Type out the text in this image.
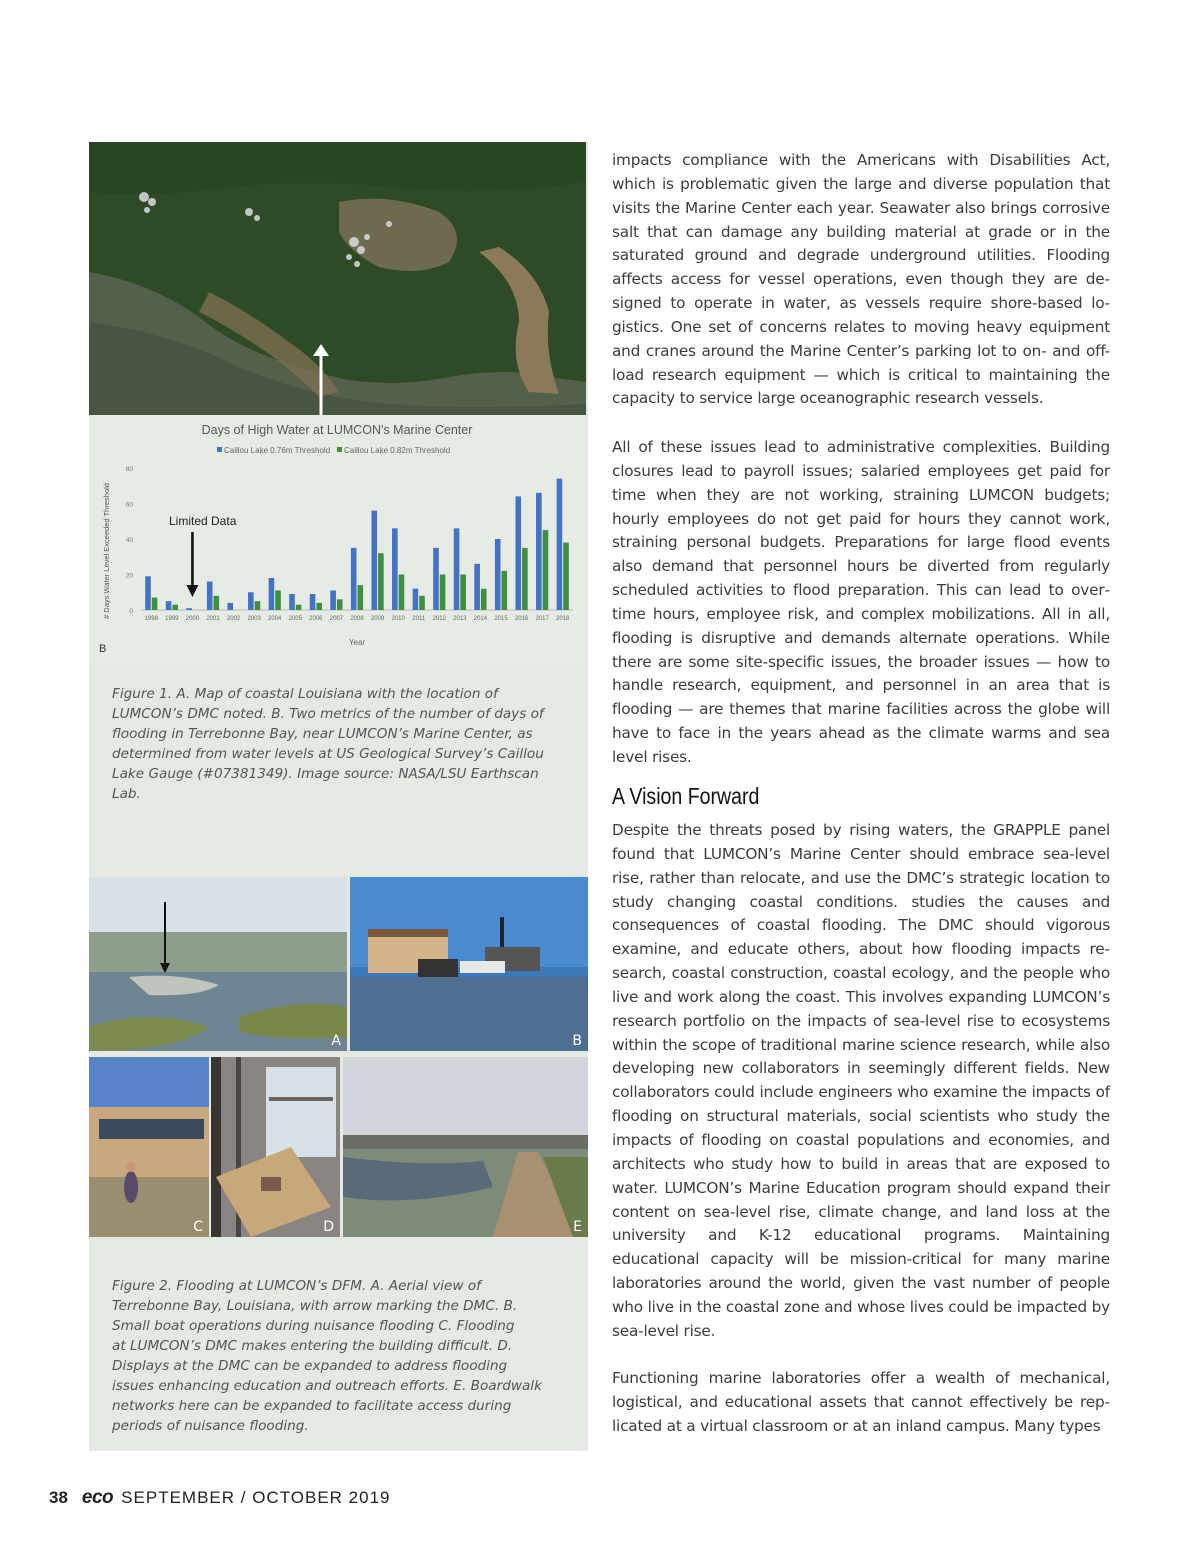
Days of High Water at LUMCON's Marine Center
Caillou Lake 0.76m Threshold Caillou Lake 0.82m Threshold
0
20
40
60
80
# Days Water Level Exceeded Threshold
1998 1999 2000 2001 2002 2003 2004 2005 2006 2007 2008 2009 2010 2011 2012 2013 2014 2015 2016 2017 2018
Year
Limited Data
B

Figure 1. A. Map of coastal Louisiana with the location of
LUMCON’s DMC noted. B. Two metrics of the number of days of
flooding in Terrebonne Bay, near LUMCON’s Marine Center, as
determined from water levels at US Geological Survey’s Caillou
Lake Gauge (#07381349). Image source: NASA/LSU Earthscan
Lab.

A	B
C	D	E

Figure 2. Flooding at LUMCON’s DFM. A. Aerial view of
Terrebonne Bay, Louisiana, with arrow marking the DMC. B.
Small boat operations during nuisance flooding C. Flooding
at LUMCON’s DMC makes entering the building difficult. D.
Displays at the DMC can be expanded to address flooding
issues enhancing education and outreach efforts. E. Boardwalk
networks here can be expanded to facilitate access during
periods of nuisance flooding.

impacts compliance with the Americans with Disabilities Act, which is problematic given the large and diverse population that visits the Marine Center each year. Seawater also brings corrosive salt that can damage any building material at grade or in the saturated ground and degrade underground utilities. Flooding affects access for vessel operations, even though they are designed to operate in water, as vessels require shore-based logistics. One set of concerns relates to moving heavy equipment and cranes around the Marine Center’s parking lot to on- and off-load research equipment — which is critical to maintaining the capacity to service large oceanographic research vessels.

All of these issues lead to administrative complexities. Building closures lead to payroll issues; salaried employees get paid for time when they are not working, straining LUMCON budgets; hourly employees do not get paid for hours they cannot work, straining personal budgets. Preparations for large flood events also demand that personnel hours be diverted from regularly scheduled activities to flood preparation. This can lead to overtime hours, employee risk, and complex mobilizations. All in all, flooding is disruptive and demands alternate operations. While there are some site-specific issues, the broader issues — how to handle research, equipment, and personnel in an area that is flooding — are themes that marine facilities across the globe will have to face in the years ahead as the climate warms and sea level rises.

A Vision Forward

Despite the threats posed by rising waters, the GRAPPLE panel found that LUMCON’s Marine Center should embrace sea-level rise, rather than relocate, and use the DMC’s strategic location to study changing coastal conditions. studies the causes and consequences of coastal flooding. The DMC should vigorous examine, and educate others, about how flooding impacts research, coastal construction, coastal ecology, and the people who live and work along the coast. This involves expanding LUMCON’s research portfolio on the impacts of sea-level rise to ecosystems within the scope of traditional marine science research, while also developing new collaborators in seemingly different fields. New collaborators could include engineers who examine the impacts of flooding on structural materials, social scientists who study the impacts of flooding on coastal populations and economies, and architects who study how to build in areas that are exposed to water. LUMCON’s Marine Education program should expand their content on sea-level rise, climate change, and land loss at the university and K-12 educational programs. Maintaining educational capacity will be mission-critical for many marine laboratories around the world, given the vast number of people who live in the coastal zone and whose lives could be impacted by sea-level rise.

Functioning marine laboratories offer a wealth of mechanical, logistical, and educational assets that cannot effectively be replicated at a virtual classroom or at an inland campus. Many types

38 eco SEPTEMBER / OCTOBER 2019
